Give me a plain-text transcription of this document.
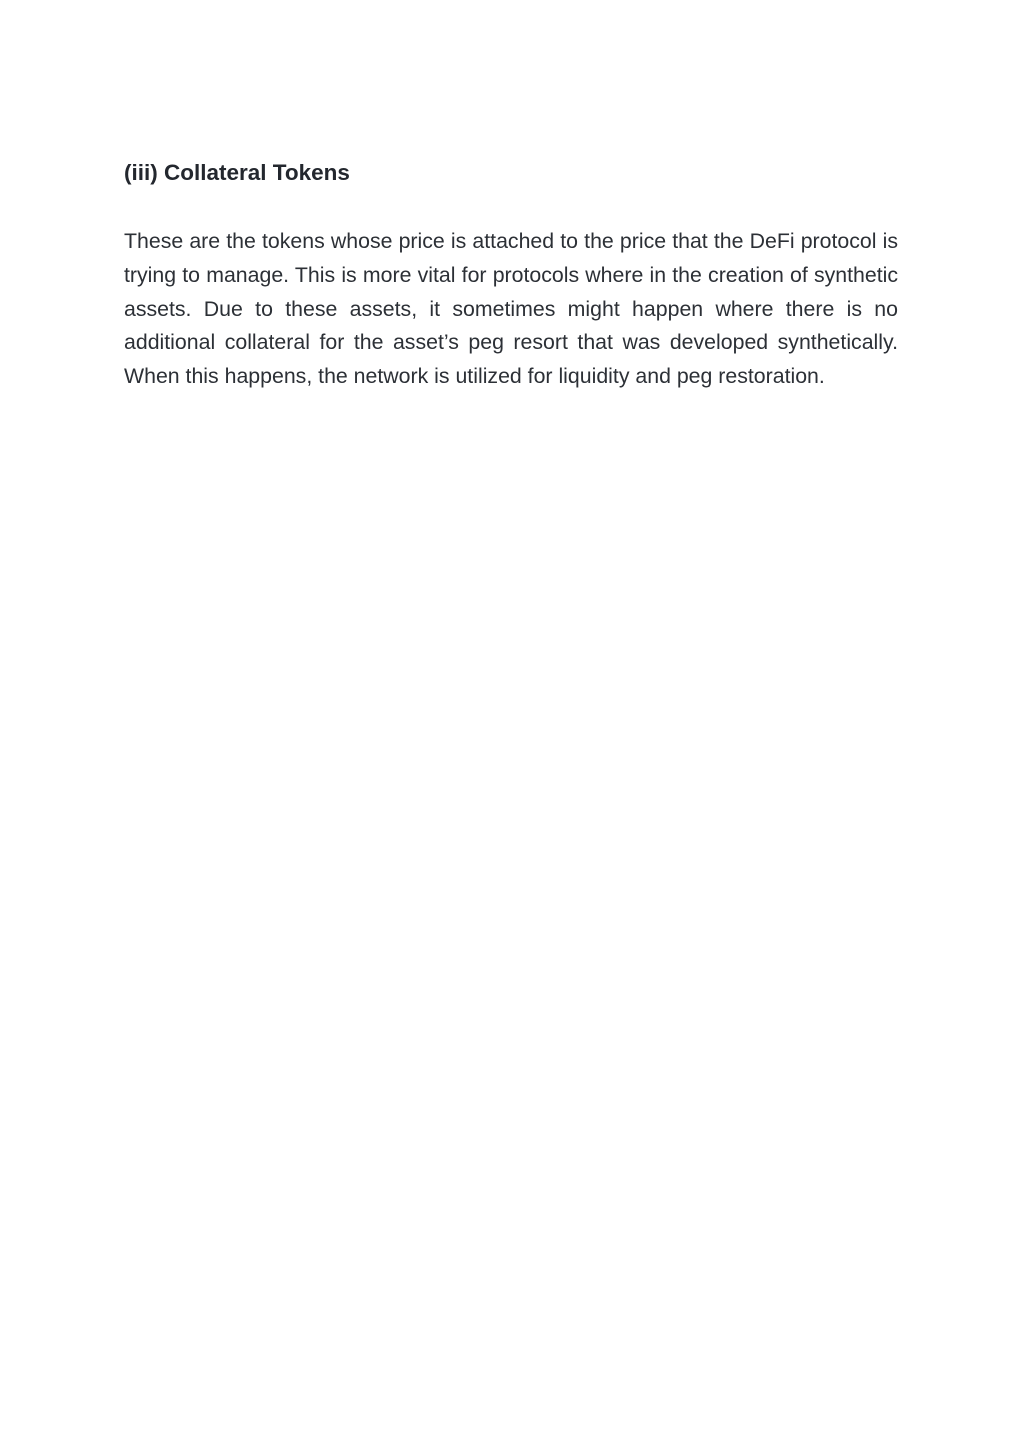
(iii) Collateral Tokens

These are the tokens whose price is attached to the price that the DeFi protocol is trying to manage. This is more vital for protocols where in the creation of synthetic assets. Due to these assets, it sometimes might happen where there is no additional collateral for the asset’s peg resort that was developed synthetically. When this happens, the network is utilized for liquidity and peg restoration.
